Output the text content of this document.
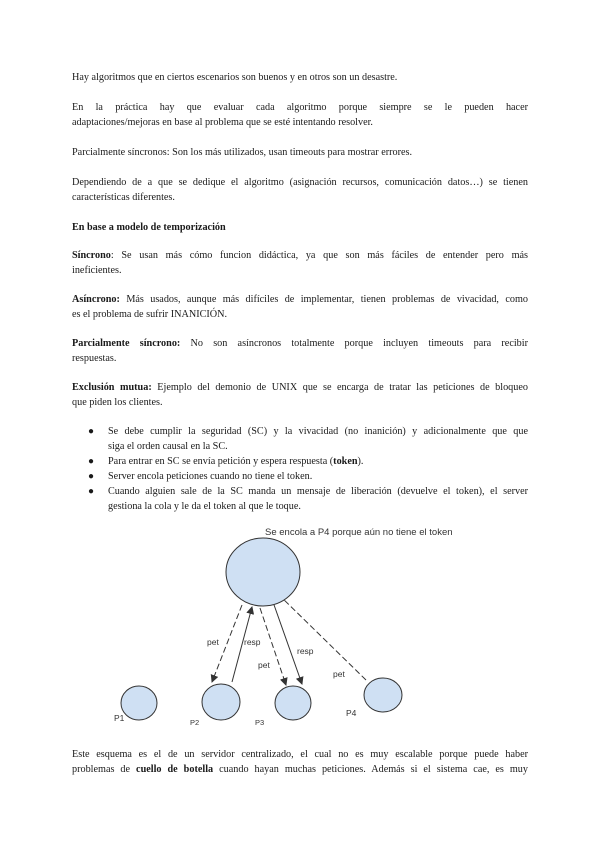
Hay algoritmos que en ciertos escenarios son buenos y en otros son un desastre.

En la práctica hay que evaluar cada algoritmo porque siempre se le pueden hacer

adaptaciones/mejoras en base al problema que se esté intentando resolver.

Parcialmente síncronos: Son los más utilizados, usan timeouts para mostrar errores.

Dependiendo de a que se dedique el algoritmo (asignación recursos, comunicación datos…) se tienen

características diferentes.

En base a modelo de temporización

Síncrono: Se usan más cómo funcion didáctica, ya que son más fáciles de entender pero más

ineficientes.

Asíncrono: Más usados, aunque más difíciles de implementar, tienen problemas de vivacidad, como

es el problema de sufrir INANICIÓN.

Parcialmente síncrono: No son asíncronos totalmente porque incluyen timeouts para recibir

respuestas.

Exclusión mutua: Ejemplo del demonio de UNIX que se encarga de tratar las peticiones de bloqueo

que piden los clientes.

● Se debe cumplir la seguridad (SC) y la vivacidad (no inanición) y adicionalmente que que
siga el orden causal en la SC.
● Para entrar en SC se envía petición y espera respuesta (token).
● Server encola peticiones cuando no tiene el token.
● Cuando alguien sale de la SC manda un mensaje de liberación (devuelve el token), el server
gestiona la cola y le da el token al que le toque.
Se encola a P4 porque aún no tiene el token
pet	resp
pet
resp
pet
P1	P2	P3
P4

Este esquema es el de un servidor centralizado, el cual no es muy escalable porque puede haber

problemas de cuello de botella cuando hayan muchas peticiones. Además si el sistema cae, es muy
